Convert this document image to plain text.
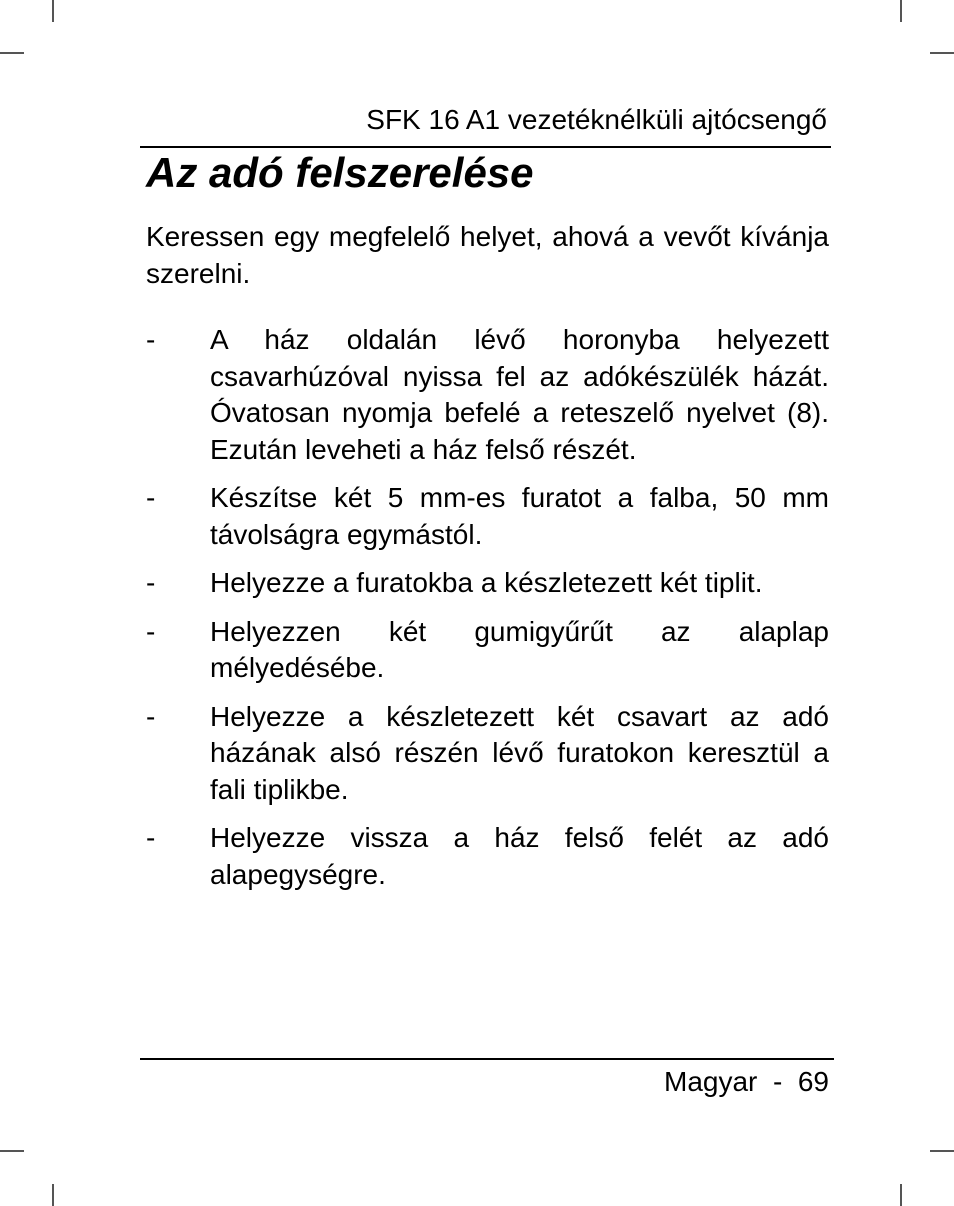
SFK 16 A1 vezetéknélküli ajtócsengő
Az adó felszerelése

Keressen egy megfelelő helyet, ahová a vevőt kívánja szerelni.

-	A ház oldalán lévő horonyba helyezett csavarhúzóval nyissa fel az adókészülék házát. Óvatosan nyomja befelé a reteszelő nyelvet (8). Ezután leveheti a ház felső részét.
-	Készítse két 5 mm-es furatot a falba, 50 mm távolságra egymástól.
-	Helyezze a furatokba a készletezett két tiplit.
-	Helyezzen két gumigyűrűt az alaplap mélyedésébe.
-	Helyezze a készletezett két csavart az adó házának alsó részén lévő furatokon keresztül a fali tiplikbe.
-	Helyezze vissza a ház felső felét az adó alapegységre.
Magyar - 69
